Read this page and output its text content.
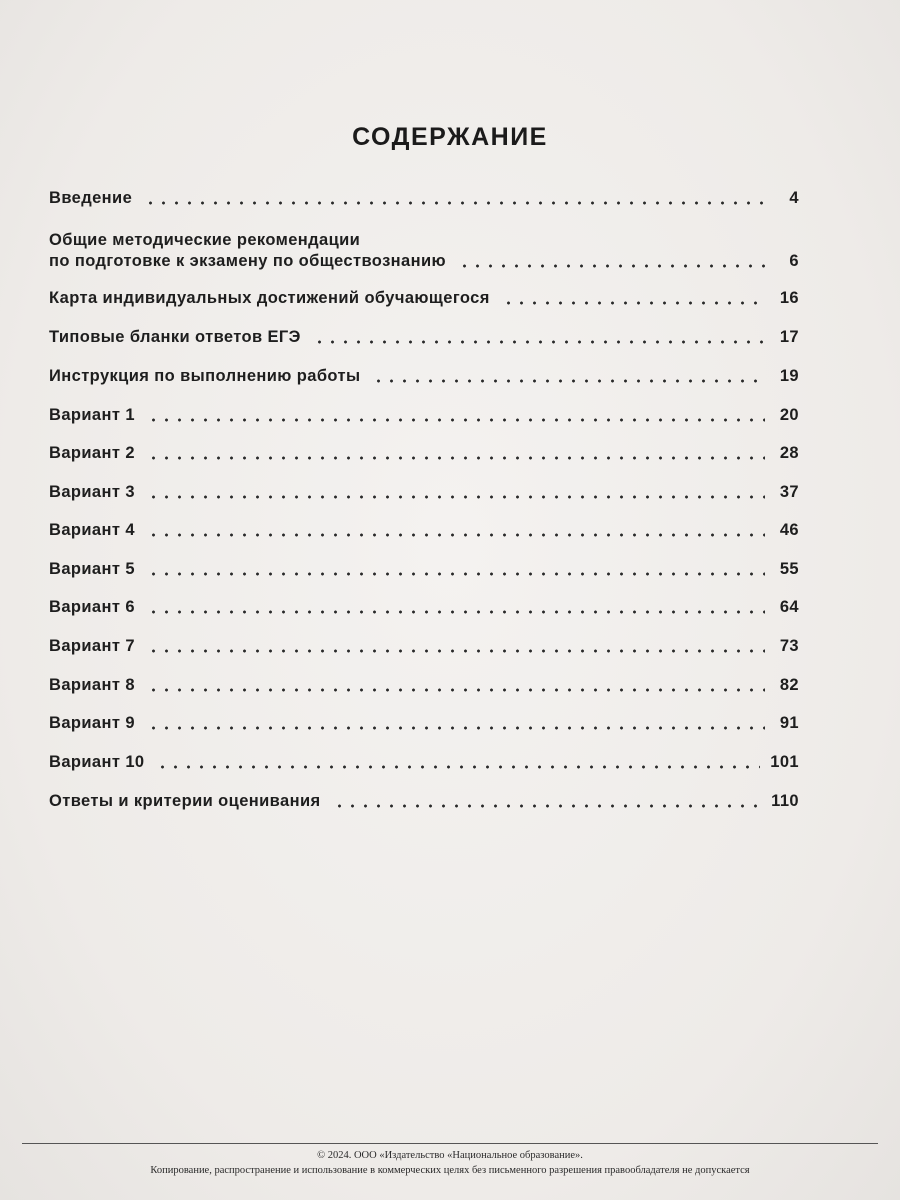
СОДЕРЖАНИЕ
Введение	4
Общие методические рекомендации
по подготовке к экзамену по обществознанию	6
Карта индивидуальных достижений обучающегося	16
Типовые бланки ответов ЕГЭ	17
Инструкция по выполнению работы	19
Вариант 1	20
Вариант 2	28
Вариант 3	37
Вариант 4	46
Вариант 5	55
Вариант 6	64
Вариант 7	73
Вариант 8	82
Вариант 9	91
Вариант 10	101
Ответы и критерии оценивания	110
© 2024. ООО «Издательство «Национальное образование».
Копирование, распространение и использование в коммерческих целях без письменного разрешения правообладателя не допускается
